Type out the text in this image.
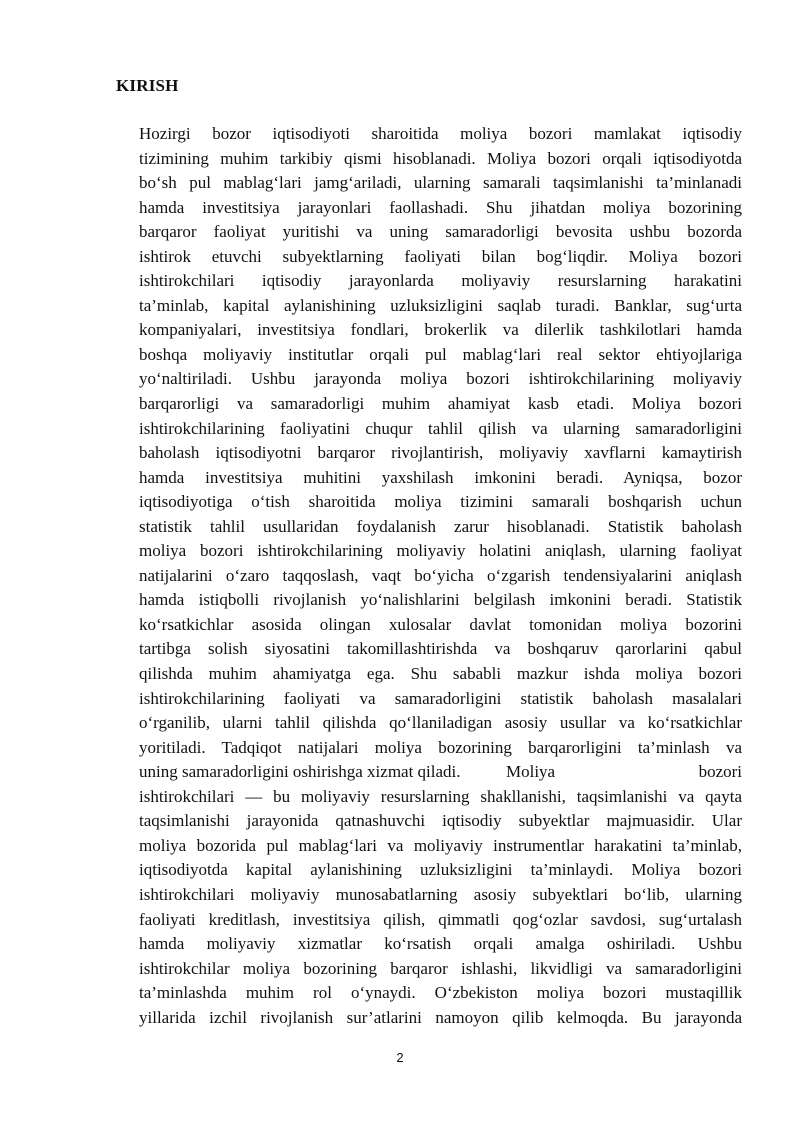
KIRISH
Hozirgi bozor iqtisodiyoti sharoitida moliya bozori mamlakat iqtisodiy
tizimining muhim tarkibiy qismi hisoblanadi. Moliya bozori orqali iqtisodiyotda
bo‘sh pul mablag‘lari jamg‘ariladi, ularning samarali taqsimlanishi ta’minlanadi
hamda investitsiya jarayonlari faollashadi. Shu jihatdan moliya bozorining
barqaror faoliyat yuritishi va uning samaradorligi bevosita ushbu bozorda
ishtirok etuvchi subyektlarning faoliyati bilan bog‘liqdir. Moliya bozori
ishtirokchilari iqtisodiy jarayonlarda moliyaviy resurslarning harakatini
ta’minlab, kapital aylanishining uzluksizligini saqlab turadi. Banklar, sug‘urta
kompaniyalari, investitsiya fondlari, brokerlik va dilerlik tashkilotlari hamda
boshqa moliyaviy institutlar orqali pul mablag‘lari real sektor ehtiyojlariga
yo‘naltiriladi. Ushbu jarayonda moliya bozori ishtirokchilarining moliyaviy
barqarorligi va samaradorligi muhim ahamiyat kasb etadi. Moliya bozori
ishtirokchilarining faoliyatini chuqur tahlil qilish va ularning samaradorligini
baholash iqtisodiyotni barqaror rivojlantirish, moliyaviy xavflarni kamaytirish
hamda investitsiya muhitini yaxshilash imkonini beradi. Ayniqsa, bozor
iqtisodiyotiga o‘tish sharoitida moliya tizimini samarali boshqarish uchun
statistik tahlil usullaridan foydalanish zarur hisoblanadi. Statistik baholash
moliya bozori ishtirokchilarining moliyaviy holatini aniqlash, ularning faoliyat
natijalarini o‘zaro taqqoslash, vaqt bo‘yicha o‘zgarish tendensiyalarini aniqlash
hamda istiqbolli rivojlanish yo‘nalishlarini belgilash imkonini beradi. Statistik
ko‘rsatkichlar asosida olingan xulosalar davlat tomonidan moliya bozorini
tartibga solish siyosatini takomillashtirishda va boshqaruv qarorlarini qabul
qilishda muhim ahamiyatga ega. Shu sababli mazkur ishda moliya bozori
ishtirokchilarining faoliyati va samaradorligini statistik baholash masalalari
o‘rganilib, ularni tahlil qilishda qo‘llaniladigan asosiy usullar va ko‘rsatkichlar
yoritiladi. Tadqiqot natijalari moliya bozorining barqarorligini ta’minlash va
uning samaradorligini oshirishga xizmat qiladi.	Moliya	bozori
ishtirokchilari — bu moliyaviy resurslarning shakllanishi, taqsimlanishi va qayta
taqsimlanishi jarayonida qatnashuvchi iqtisodiy subyektlar majmuasidir. Ular
moliya bozorida pul mablag‘lari va moliyaviy instrumentlar harakatini ta’minlab,
iqtisodiyotda kapital aylanishining uzluksizligini ta’minlaydi. Moliya bozori
ishtirokchilari moliyaviy munosabatlarning asosiy subyektlari bo‘lib, ularning
faoliyati kreditlash, investitsiya qilish, qimmatli qog‘ozlar savdosi, sug‘urtalash
hamda moliyaviy xizmatlar ko‘rsatish orqali amalga oshiriladi. Ushbu
ishtirokchilar moliya bozorining barqaror ishlashi, likvidligi va samaradorligini
ta’minlashda muhim rol o‘ynaydi. O‘zbekiston moliya bozori mustaqillik
yillarida izchil rivojlanish sur’atlarini namoyon qilib kelmoqda. Bu jarayonda

2
